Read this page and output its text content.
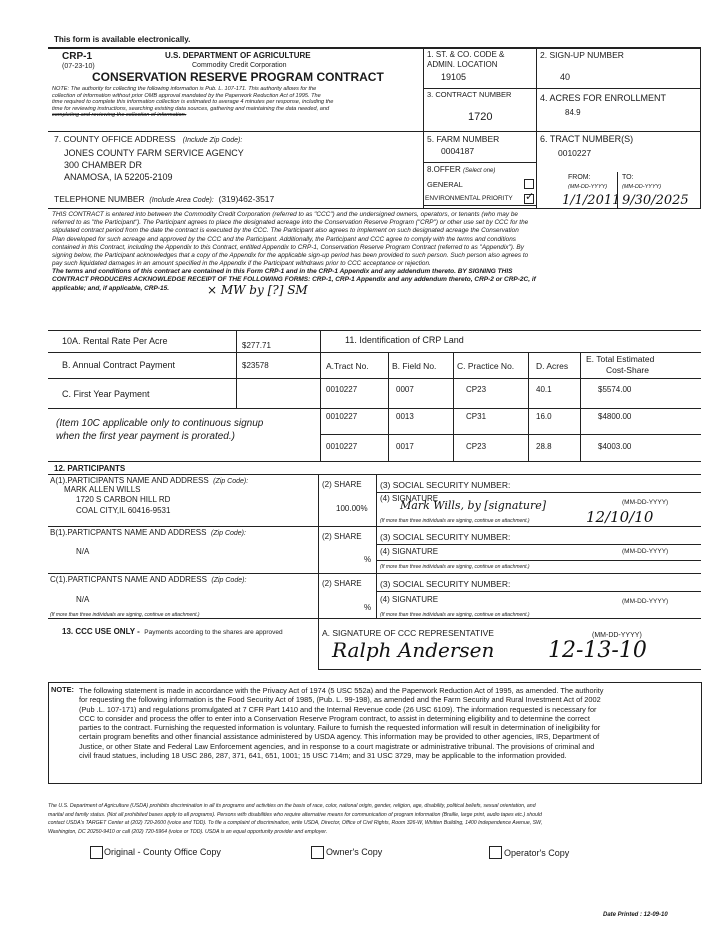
This form is available electronically.
CRP-1
(07-23-10)
U.S. DEPARTMENT OF AGRICULTURE
Commodity Credit Corporation
CONSERVATION RESERVE PROGRAM CONTRACT
NOTE: The authority for collecting the following information is Pub. L. 107-171. This authority allows for the
collection of information without prior OMB approval mandated by the Paperwork Reduction Act of 1995. The
time required to complete this information collection is estimated to average 4 minutes per response, including the
time for reviewing instructions, searching existing data sources, gathering and maintaining the data needed, and
completing and reviewing the collection of information.
1. ST. & CO. CODE &
ADMIN. LOCATION
19105
2. SIGN-UP NUMBER
40
3. CONTRACT NUMBER
1720
4. ACRES FOR ENROLLMENT
84.9
5. FARM NUMBER
0004187
6. TRACT NUMBER(S)
0010227
8.OFFER (Select one)
GENERAL
ENVIRONMENTAL PRIORITY ✓
FROM:
(MM-DD-YYYY)
1/1/2011
TO:
(MM-DD-YYYY)
9/30/2025
7. COUNTY OFFICE ADDRESS (Include Zip Code):
JONES COUNTY FARM SERVICE AGENCY
300 CHAMBER DR
ANAMOSA, IA 52205-2109
TELEPHONE NUMBER (Include Area Code): (319)462-3517
THIS CONTRACT is entered into between the Commodity Credit Corporation (referred to as "CCC") and the undersigned owners, operators, or tenants (who may be
referred to as "the Participant"). The Participant agrees to place the designated acreage into the Conservation Reserve Program ("CRP") or other use set by CCC for the
stipulated contract period from the date the contract is executed by the CCC. The Participant also agrees to implement on such designated acreage the Conservation
Plan developed for such acreage and approved by the CCC and the Participant. Additionally, the Participant and CCC agree to comply with the terms and conditions
contained in this Contract, including the Appendix to this Contract, entitled Appendix to CRP-1, Conservation Reserve Program Contract (referred to as "Appendix"). By
signing below, the Participant acknowledges that a copy of the Appendix for the applicable sign-up period has been provided to such person. Such person also agrees to
pay such liquidated damages in an amount specified in the Appendix if the Participant withdraws prior to CCC acceptance or rejection.
The terms and conditions of this contract are contained in this Form CRP-1 and in the CRP-1 Appendix and any addendum thereto. BY SIGNING THIS
CONTRACT PRODUCERS ACKNOWLEDGE RECEIPT OF THE FOLLOWING FORMS: CRP-1, CRP-1 Appendix and any addendum thereto, CRP-2 or CRP-2C, if
applicable; and, if applicable, CRP-15.	× MW by [?] SM
10A. Rental Rate Per Acre	$277.71
B. Annual Contract Payment	$23578
C. First Year Payment
(Item 10C applicable only to continuous signup
when the first year payment is prorated.)
11. Identification of CRP Land
A.Tract No.	B. Field No. C. Practice No.	D. Acres
E. Total Estimated
Cost-Share
0010227	0007	CP23	40.1	$5574.00
0010227	0013	CP31	16.0	$4800.00
0010227	0017	CP23	28.8	$4003.00
12. PARTICIPANTS
A(1).PARTICIPANTS NAME AND ADDRESS (Zip Code):
MARK ALLEN WILLS
1720 S CARBON HILL RD
COAL CITY,IL 60416-9531
(2) SHARE
100.00%
(3) SOCIAL SECURITY NUMBER:
(4) SIGNATURE
Mark Wills, by [signature]	(MM-DD-YYYY)
12/10/10
(If more than three individuals are signing, continue on attachment.)
B(1).PARTICPANTS NAME AND ADDRESS (Zip Code):
N/A
(2) SHARE
%
(3) SOCIAL SECURITY NUMBER:
(4) SIGNATURE	(MM-DD-YYYY)
(If more than three individuals are signing, continue on attachment.)
C(1).PARTICPANTS NAME AND ADDRESS (Zip Code):
N/A
(2) SHARE
%
(3) SOCIAL SECURITY NUMBER:
(4) SIGNATURE	(MM-DD-YYYY)
(If more than three individuals are signing, continue on attachment.)	(If more than three individuals are signing, continue on attachment.)
13. CCC USE ONLY - Payments according to the shares are approved	A. SIGNATURE OF CCC REPRESENTATIVE	(MM-DD-YYYY)
Ralph Andersen 12-13-10
NOTE: The following statement is made in accordance with the Privacy Act of 1974 (5 USC 552a) and the Paperwork Reduction Act of 1995, as amended. The authority
for requesting the following information is the Food Security Act of 1985, (Pub. L. 99-198), as amended and the Farm Security and Rural Investment Act of 2002
(Pub .L. 107-171) and regulations promulgated at 7 CFR Part 1410 and the Internal Revenue code (26 USC 6109). The information requested is necessary for
CCC to consider and process the offer to enter into a Conservation Reserve Program contract, to assist in determining eligibility and to determine the correct
parties to the contract. Furnishing the requested information is voluntary. Failure to furnish the requested information will result in determination of ineligibility for
certain program benefits and other financial assistance administered by USDA agency. This information may be provided to other agencies, IRS, Department of
Justice, or other State and Federal Law Enforcement agencies, and in response to a court magistrate or administrative tribunal. The provisions of criminal and
civil fraud statues, including 18 USC 286, 287, 371, 641, 651, 1001; 15 USC 714m; and 31 USC 3729, may be applicable to the information provided.
The U.S. Department of Agriculture (USDA) prohibits discrimination in all its programs and activities on the basis of race, color, national origin, gender, religion, age, disability, political beliefs, sexual orientation, and
marital and family status. (Not all prohibited bases apply to all programs). Persons with disabilities who require alternative means for communication of program information (Braille, large print, audio tapes etc.) should
contact USDA's TARGET Center at (202) 720-2600 (voice and TDD). To file a complaint of discrimination, write USDA, Director, Office of Civil Rights, Room 326-W, Whitten Building, 1400 Independence Avenue, SW,
Washington, DC 20250-9410 or call (202) 720-5964 (voice or TDD). USDA is an equal opportunity provider and employer.
Original - County Office Copy	Owner's Copy	Operator's Copy
Date Printed : 12-09-10
